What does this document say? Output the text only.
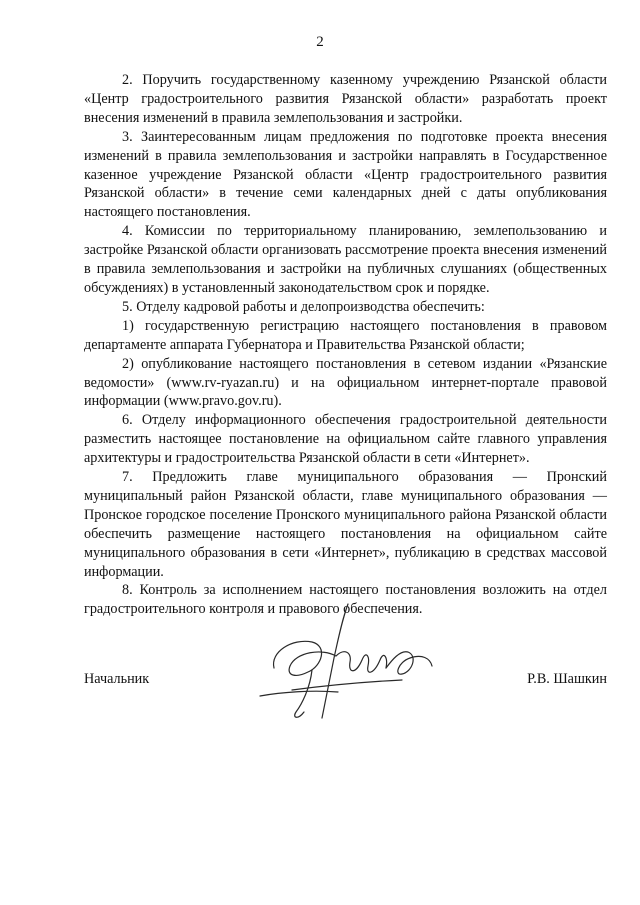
2

2. Поручить государственному казенному учреждению Рязанской области «Центр градостроительного развития Рязанской области» разработать проект внесения изменений в правила землепользования и застройки.

3. Заинтересованным лицам предложения по подготовке проекта внесения изменений в правила землепользования и застройки направлять в Государственное казенное учреждение Рязанской области «Центр градостроительного развития Рязанской области» в течение семи календарных дней с даты опубликования настоящего постановления.

4. Комиссии по территориальному планированию, землепользованию и застройке Рязанской области организовать рассмотрение проекта внесения изменений в правила землепользования и застройки на публичных слушаниях (общественных обсуждениях) в установленный законодательством срок и порядке.

5. Отделу кадровой работы и делопроизводства обеспечить:

1) государственную регистрацию настоящего постановления в правовом департаменте аппарата Губернатора и Правительства Рязанской области;

2) опубликование настоящего постановления в сетевом издании «Рязанские ведомости» (www.rv-ryazan.ru) и на официальном интернет-портале правовой информации (www.pravo.gov.ru).

6. Отделу информационного обеспечения градостроительной деятельности разместить настоящее постановление на официальном сайте главного управления архитектуры и градостроительства Рязанской области в сети «Интернет».

7. Предложить главе муниципального образования — Пронский муниципальный район Рязанской области, главе муниципального образования — Пронское городское поселение Пронского муниципального района Рязанской области обеспечить размещение настоящего постановления на официальном сайте муниципального образования в сети «Интернет», публикацию в средствах массовой информации.

8. Контроль за исполнением настоящего постановления возложить на отдел градостроительного контроля и правового обеспечения.

Начальник	Р.В. Шашкин
